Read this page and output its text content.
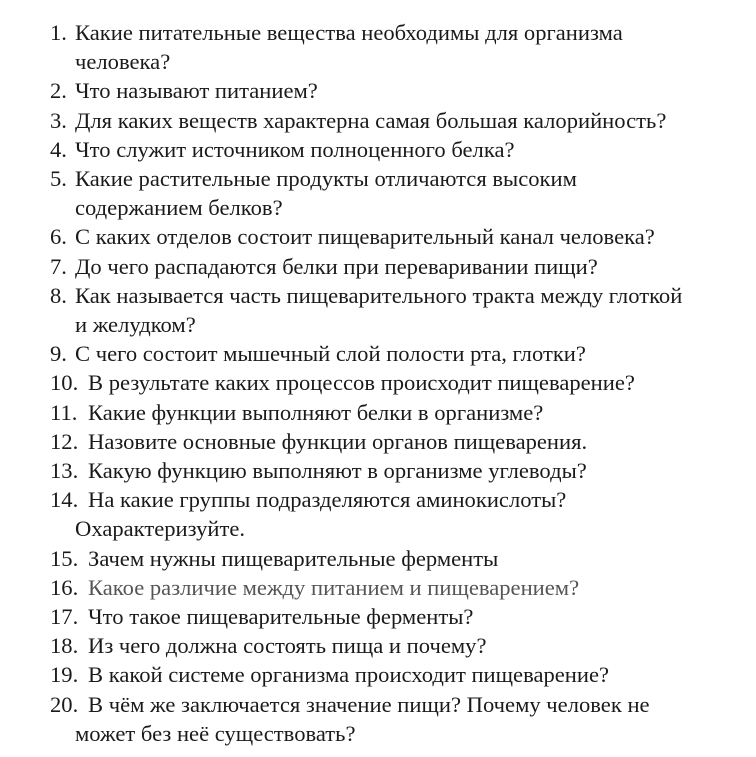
1. Какие питательные вещества необходимы для организма
человека?
2. Что называют питанием?
3. Для каких веществ характерна самая большая калорийность?
4. Что служит источником полноценного белка?
5. Какие растительные продукты отличаются высоким
содержанием белков?
6. С каких отделов состоит пищеварительный канал человека?
7. До чего распадаются белки при переваривании пищи?
8. Как называется часть пищеварительного тракта между глоткой
и желудком?
9. С чего состоит мышечный слой полости рта, глотки?
10. В результате каких процессов происходит пищеварение?
11. Какие функции выполняют белки в организме?
12. Назовите основные функции органов пищеварения.
13. Какую функцию выполняют в организме углеводы?
14. На какие группы подразделяются аминокислоты?
Охарактеризуйте.
15. Зачем нужны пищеварительные ферменты
16. Какое различие между питанием и пищеварением?
17. Что такое пищеварительные ферменты?
18. Из чего должна состоять пища и почему?
19. В какой системе организма происходит пищеварение?
20. В чём же заключается значение пищи? Почему человек не
может без неё существовать?
